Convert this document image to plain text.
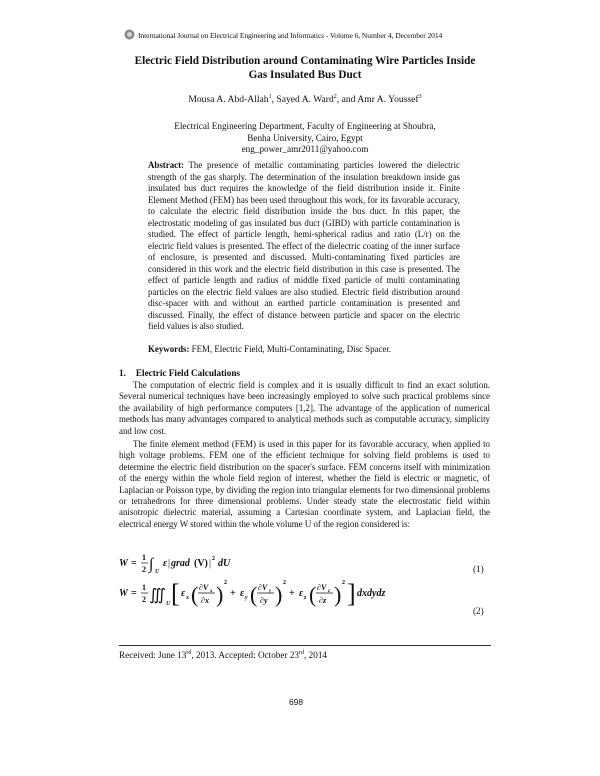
International Journal on Electrical Engineering and Informatics - Volume 6, Number 4, December 2014
Electric Field Distribution around Contaminating Wire Particles Inside
Gas Insulated Bus Duct
Mousa A. Abd-Allah$^1$, Sayed A. Ward$^2$, and Amr A. Youssef$^3$
Electrical Engineering Department, Faculty of Engineering at Shoubra,
Benha University, Cairo, Egypt
eng_power_amr2011@yahoo.com
Abstract: The presence of metallic contaminating particles lowered the dielectric strength of the gas sharply. The determination of the insulation breakdown inside gas insulated bus duct requires the knowledge of the field distribution inside it. Finite Element Method (FEM) has been used throughout this work, for its favorable accuracy, to calculate the electric field distribution inside the bus duct. In this paper, the electrostatic modeling of gas insulated bus duct (GIBD) with particle contamination is studied. The effect of particle length, hemi-spherical radius and ratio (L/r) on the electric field values is presented. The effect of the dielectric coating of the inner surface of enclosure, is presented and discussed. Multi-contaminating fixed particles are considered in this work and the electric field distribution in this case is presented. The effect of particle length and radius of middle fixed particle of multi contaminating particles on the electric field values are also studied. Electric field distribution around disc-spacer with and without an earthed particle contamination is presented and discussed. Finally, the effect of distance between particle and spacer on the electric field values is also studied.
Keywords: FEM, Electric Field, Multi-Contaminating, Disc Spacer.
1. Electric Field Calculations

The computation of electric field is complex and it is usually difficult to find an exact solution. Several numerical techniques have been increasingly employed to solve such practical problems since the availability of high performance computers [1,2]. The advantage of the application of numerical methods has many advantages compared to analytical methods such as computable accuracy, simplicity and low cost.

The finite element method (FEM) is used in this paper for its favorable accuracy, when applied to high voltage problems. FEM one of the efficient technique for solving field problems is used to determine the electric field distribution on the spacer's surface. FEM concerns itself with minimization of the energy within the whole field region of interest, whether the field is electric or magnetic, of Laplacian or Poisson type, by dividing the region into triangular elements for two dimensional problems or tetrahedrons for three dimensional problems. Under steady state the electrostatic field within anisotropic dielectric material, assuming a Cartesian coordinate system, and Laplacian field, the electrical energy W stored within the whole volume U of the region considered is:

W =
1
2 ∫ U
ε | grad (V) | 2 dU	(1)
W =
1
2 ∭ U [ ε x ( ∂V x
∂x ) 2
+ ε y ( ∂V y
∂y ) 2
+ ε z ( ∂V z
∂z ) 2 ] dxdydz
(2)
Received: June 13rd, 2013. Accepted: October 23rd, 2014
698
